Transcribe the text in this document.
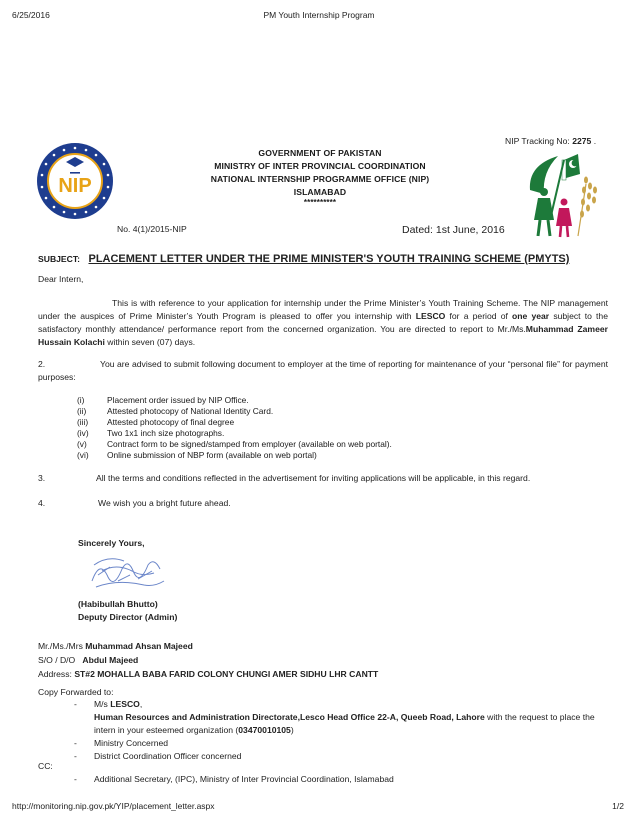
6/25/2016	PM Youth Internship Program
NIP Tracking No: 2275 .
NIP
GOVERNMENT OF PAKISTAN
MINISTRY OF INTER PROVINCIAL COORDINATION
NATIONAL INTERNSHIP PROGRAMME OFFICE (NIP)
ISLAMABAD
**********
No. 4(1)/2015-NIP	Dated: 1st June, 2016
SUBJECT: PLACEMENT LETTER UNDER THE PRIME MINISTER'S YOUTH TRAINING SCHEME (PMYTS)
Dear Intern,
This is with reference to your application for internship under the Prime Minister’s Youth Training Scheme. The NIP management under the auspices of Prime Minister’s Youth Program is pleased to offer you internship with LESCO for a period of one year subject to the satisfactory monthly attendance/ performance report from the concerned organization. You are directed to report to Mr./Ms.Muhammad Zameer Hussain Kolachi within seven (07) days.
2.	You are advised to submit following document to employer at the time of reporting for maintenance of your “personal file” for payment purposes:
(i)	Placement order issued by NIP Office.
(ii) Attested photocopy of National Identity Card.
(iii) Attested photocopy of final degree
(iv) Two 1x1 inch size photographs.
(v) Contract form to be signed/stamped from employer (available on web portal).
(vi) Online submission of NBP form (available on web portal)
3.	All the terms and conditions reflected in the advertisement for inviting applications will be applicable, in this regard.
4.	We wish you a bright future ahead.
Sincerely Yours,
(Habibullah Bhutto)
Deputy Director (Admin)
Mr./Ms./Mrs Muhammad Ahsan Majeed
S/O / D/O Abdul Majeed
Address: ST#2 MOHALLA BABA FARID COLONY CHUNGI AMER SIDHU LHR CANTT
Copy Forwarded to:
- M/s LESCO,
Human Resources and Administration Directorate,Lesco Head Office 22-A, Queeb Road, Lahore with the request to place the intern in your esteemed organization (03470010105)
- Ministry Concerned
- District Coordination Officer concerned
CC:
- Additional Secretary, (IPC), Ministry of Inter Provincial Coordination, Islamabad
http://monitoring.nip.gov.pk/YIP/placement_letter.aspx	1/2
